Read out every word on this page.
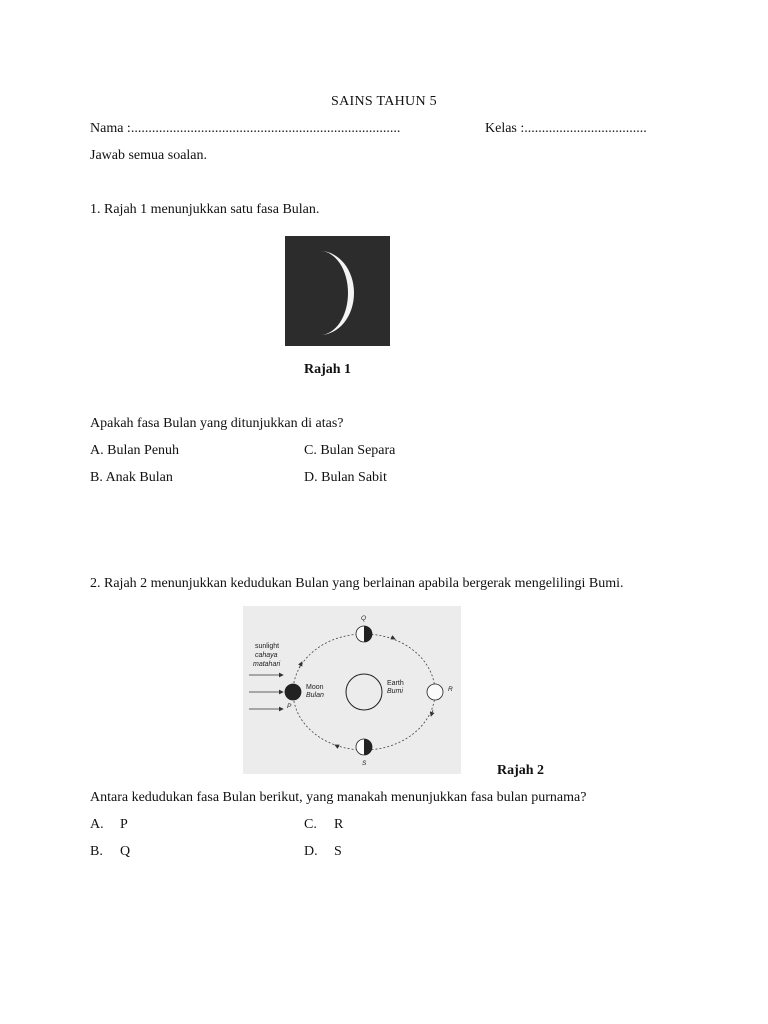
SAINS TAHUN 5
Nama :.............................................................................	Kelas :...................................
Jawab semua soalan.
1. Rajah 1 menunjukkan satu fasa Bulan.
Rajah 1
Apakah fasa Bulan yang ditunjukkan di atas?
A. Bulan Penuh	C. Bulan Separa
B. Anak Bulan	D. Bulan Sabit
2. Rajah 2 menunjukkan kedudukan Bulan yang berlainan apabila bergerak mengelilingi Bumi.
sunlight
cahaya
matahari
Moon
Bulan
Earth
Bumi
P
Q
R
S	Rajah 2
Antara kedudukan fasa Bulan berikut, yang manakah menunjukkan fasa bulan purnama?
A. P	C. R
B. Q	D. S
